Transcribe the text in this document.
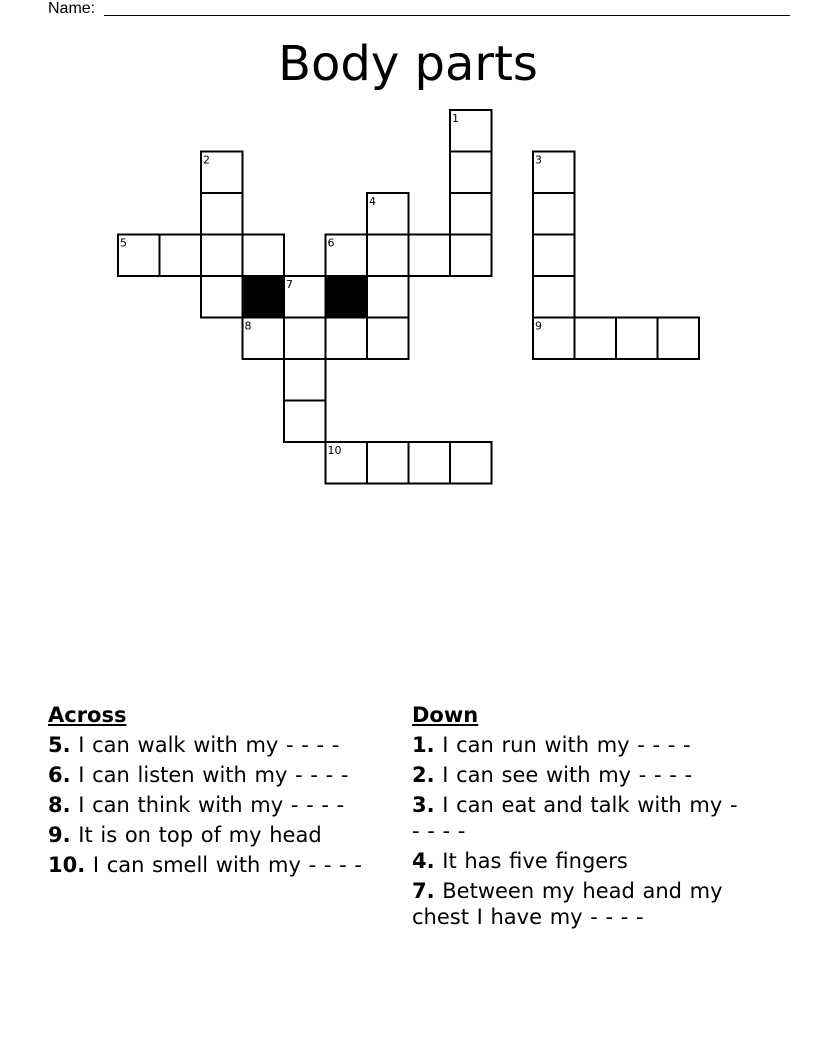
Name:
Body parts
1
2	3
4
5	6
7
8	9
10
Across
5. I can walk with my - - - -
6. I can listen with my - - - -
8. I can think with my - - - -
9. It is on top of my head
10. I can smell with my - - - -
Down
1. I can run with my - - - -
2. I can see with my - - - -
3. I can eat and talk with my - - - - -
4. It has five fingers
7. Between my head and my chest I have my - - - -
